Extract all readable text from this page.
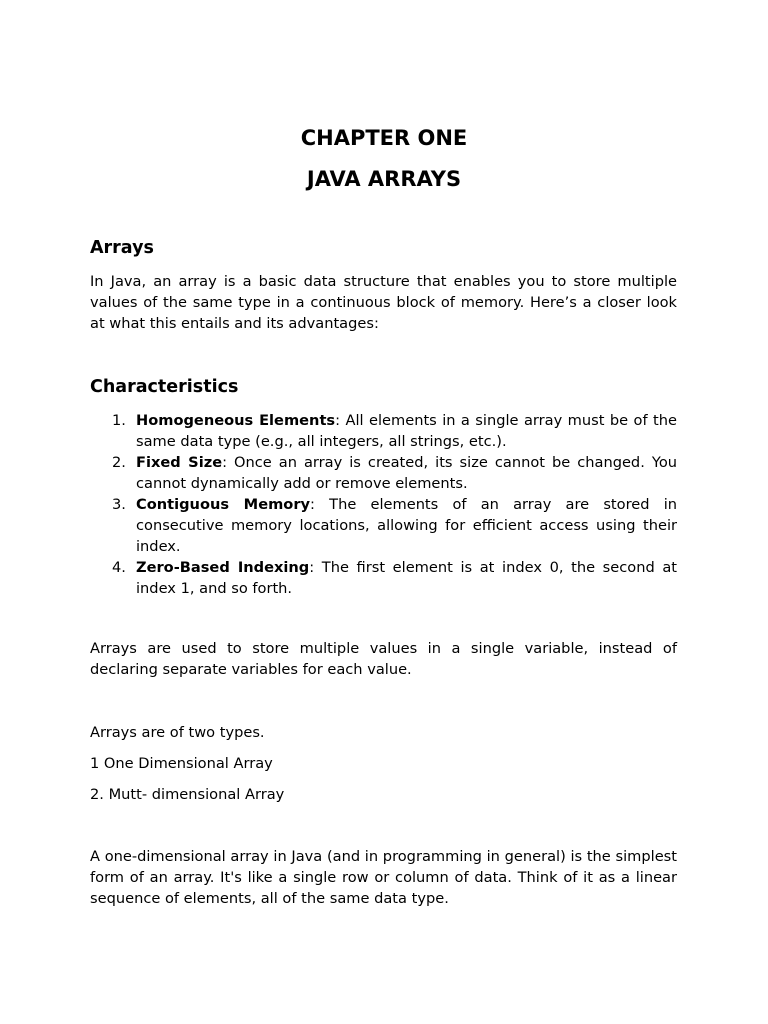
CHAPTER ONE
JAVA ARRAYS
Arrays

In Java, an array is a basic data structure that enables you to store multiple values of the same type in a continuous block of memory. Here’s a closer look at what this entails and its advantages:

Characteristics
1. Homogeneous Elements: All elements in a single array must be of the same data type (e.g., all integers, all strings, etc.).
2. Fixed Size: Once an array is created, its size cannot be changed. You cannot dynamically add or remove elements.
3. Contiguous Memory: The elements of an array are stored in consecutive memory locations, allowing for efficient access using their index.
4. Zero-Based Indexing: The first element is at index 0, the second at index 1, and so forth.

Arrays are used to store multiple values in a single variable, instead of declaring separate variables for each value.

Arrays are of two types.

1 One Dimensional Array

2. Mutt- dimensional Array

A one-dimensional array in Java (and in programming in general) is the simplest form of an array. It's like a single row or column of data. Think of it as a linear sequence of elements, all of the same data type.
